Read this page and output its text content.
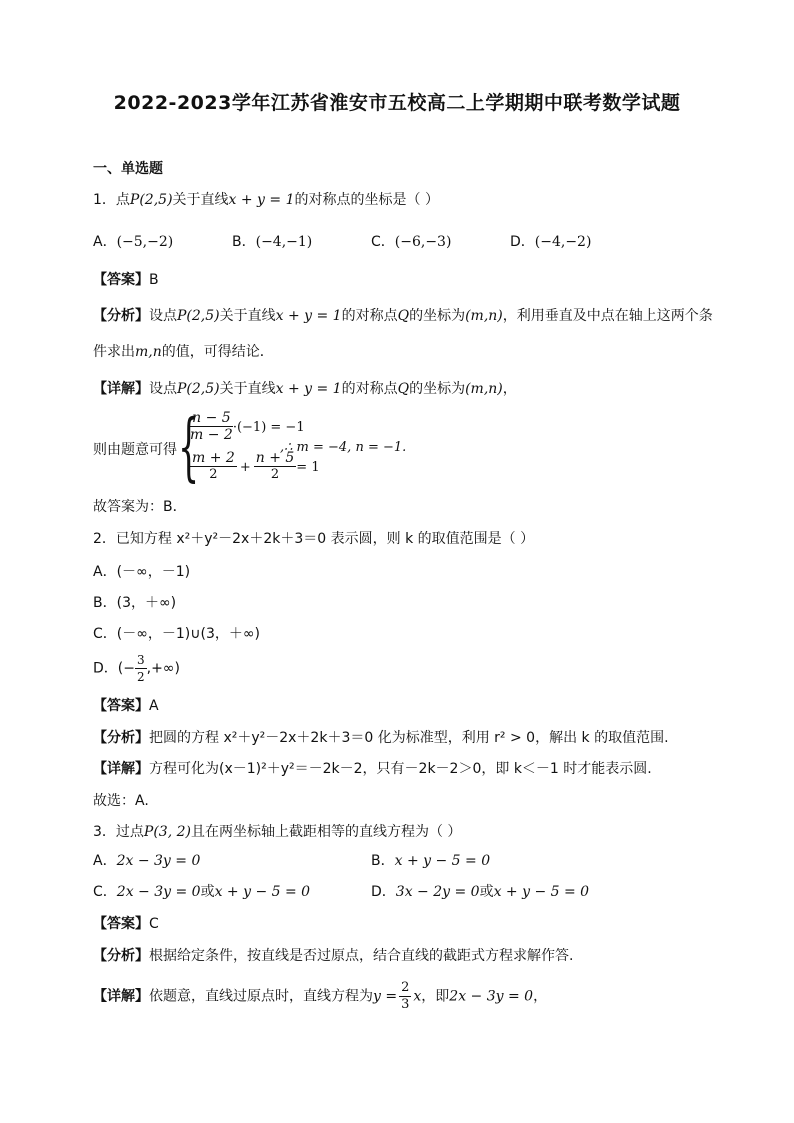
2022-2023学年江苏省淮安市五校高二上学期期中联考数学试题
一、单选题
1．点P(2,5)关于直线x + y = 1的对称点的坐标是（ ）
A．(−5,−2)	B．(−4,−1)	C．(−6,−3)	D．(−4,−2)
【答案】B
【分析】设点P(2,5)关于直线x + y = 1的对称点Q的坐标为(m,n)，利用垂直及中点在轴上这两个条
件求出m,n的值，可得结论．
【详解】设点P(2,5)关于直线x + y = 1的对称点Q的坐标为(m,n)，
则由题意可得 {
$\frac{n - 5}{m - 2} \cdot(-1) = -1$
$\frac{m + 2}{2} + \frac{n + 5}{2} = 1$
,∴ m = −4, n = −1.
故答案为：B．
2．已知方程 x²＋y²－2x＋2k＋3＝0 表示圆，则 k 的取值范围是（ ）
A．(－∞，－1)
B．(3，＋∞)
C．(－∞，－1)∪(3，＋∞)
D．(− $\frac{3}{2}$ ,+∞)
【答案】A
【分析】把圆的方程 x²＋y²－2x＋2k＋3＝0 化为标准型，利用 r² > 0，解出 k 的取值范围.
【详解】方程可化为(x－1)²＋y²＝－2k－2，只有－2k－2＞0，即 k＜－1 时才能表示圆.
故选：A.
3．过点P(3, 2)且在两坐标轴上截距相等的直线方程为（ ）
A．2x − 3y = 0	B．x + y − 5 = 0
C．2x − 3y = 0或x + y − 5 = 0	D．3x − 2y = 0或x + y − 5 = 0
【答案】C
【分析】根据给定条件，按直线是否过原点，结合直线的截距式方程求解作答.
【详解】依题意，直线过原点时，直线方程为$y = \frac{2}{3}$ x，即2x − 3y = 0，
